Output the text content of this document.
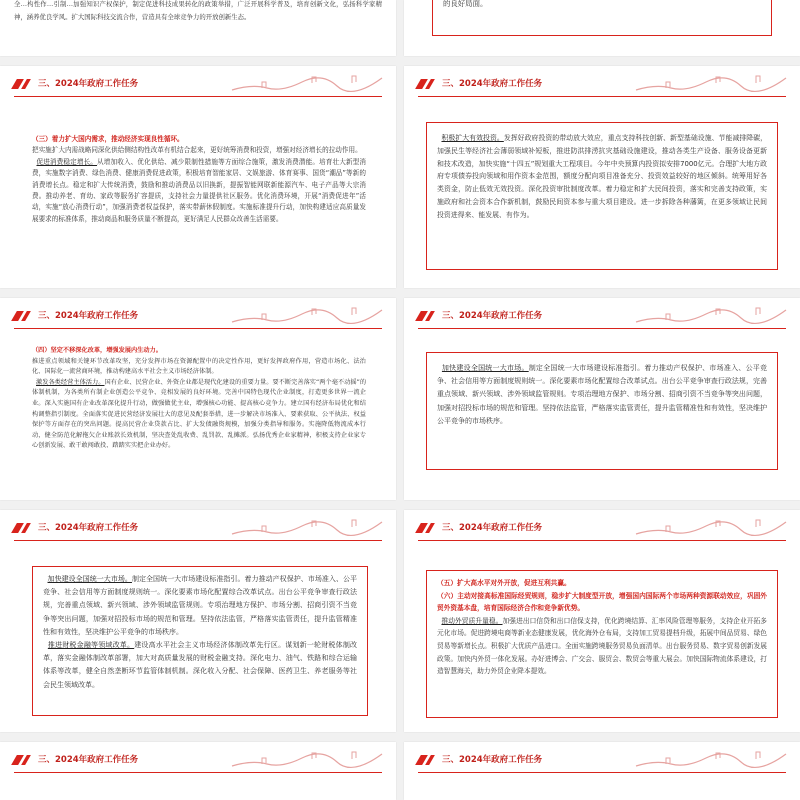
全…构性作…引制…加强知识产权保护，制定促进科技成果转化的政策举措，广泛开展科学普及，培育创新文化，弘扬科学家精神，涵养优良学风。扩大国际科技交流合作，营造具有全球竞争力的开放创新生态。
的良好局面。
三、2024年政府工作任务

（三）着力扩大国内需求，推动经济实现良性循环。

把实施扩大内需战略同深化供给侧结构性改革有机结合起来，更好统筹消费和投资，增强对经济增长的拉动作用。

促进消费稳定增长。从增加收入、优化供给、减少限制性措施等方面综合施策，激发消费潜能。培育壮大新型消费，实施数字消费、绿色消费、健康消费促进政策，积极培育智能家居、文娱旅游、体育赛事、国货“潮品”等新的消费增长点。稳定和扩大传统消费，鼓励和推动消费品以旧换新，提振智能网联新能源汽车、电子产品等大宗消费。推动养老、育幼、家政等服务扩容提质，支持社会力量提供社区服务。优化消费环境，开展“消费促进年”活动，实施“放心消费行动”，加强消费者权益保护，落实带薪休假制度。实施标准提升行动，加快构建适应高质量发展要求的标准体系，推动商品和服务质量不断提高，更好满足人民群众改善生活需要。

三、2024年政府工作任务

积极扩大有效投资。发挥好政府投资的带动放大效应，重点支持科技创新、新型基础设施、节能减排降碳，加强民生等经济社会薄弱领域补短板，推进防洪排涝抗灾基础设施建设，推动各类生产设备、服务设备更新和技术改造，加快实施“十四五”规划重大工程项目。今年中央预算内投资拟安排7000亿元。合理扩大地方政府专项债券投向领域和用作资本金范围，额度分配向项目准备充分、投资效益较好的地区倾斜。统筹用好各类资金，防止低效无效投资。深化投资审批制度改革。着力稳定和扩大民间投资，落实和完善支持政策，实施政府和社会资本合作新机制，鼓励民间资本参与重大项目建设。进一步拆除各种藩篱，在更多领域让民间投资进得来、能发展、有作为。

三、2024年政府工作任务

（四）坚定不移深化改革，增强发展内生动力。

推进重点领域和关键环节改革攻坚，充分发挥市场在资源配置中的决定性作用，更好发挥政府作用，营造市场化、法治化、国际化一流营商环境，推动构建高水平社会主义市场经济体制。

激发各类经营主体活力。国有企业、民营企业、外资企业都是现代化建设的重要力量。要不断完善落实“两个毫不动摇”的体制机制，为各类所有制企业创造公平竞争、竞相发展的良好环境。完善中国特色现代企业制度，打造更多世界一流企业。深入实施国有企业改革深化提升行动，做强做优主业，增强核心功能、提高核心竞争力。建立国有经济布局优化和结构调整指引制度。全面落实促进民营经济发展壮大的意见及配套举措，进一步解决市场准入、要素获取、公平执法、权益保护等方面存在的突出问题。提高民营企业贷款占比、扩大发债融资规模，加强分类指导和服务。实施降低物流成本行动，健全防范化解拖欠企业账款长效机制，坚决查处乱收费、乱罚款、乱摊派。弘扬优秀企业家精神，积极支持企业家专心创新发展、敢干敢闯敢投、踏踏实实把企业办好。

三、2024年政府工作任务

加快建设全国统一大市场。制定全国统一大市场建设标准指引。着力推动产权保护、市场准入、公平竞争、社会信用等方面制度规则统一。深化要素市场化配置综合改革试点。出台公平竞争审查行政法规，完善重点领域、新兴领域、涉外领域监管规则。专项治理地方保护、市场分割、招商引资不当竞争等突出问题，加强对招投标市场的规范和管理。坚持依法监管，严格落实监管责任，提升监管精准性和有效性，坚决维护公平竞争的市场秩序。

三、2024年政府工作任务

加快建设全国统一大市场。制定全国统一大市场建设标准指引。着力推动产权保护、市场准入、公平竞争、社会信用等方面制度规则统一。深化要素市场化配置综合改革试点。出台公平竞争审查行政法规，完善重点领域、新兴领域、涉外领域监管规则。专项治理地方保护、市场分割、招商引资不当竞争等突出问题，加强对招投标市场的规范和管理。坚持依法监管，严格落实监管责任，提升监管精准性和有效性，坚决维护公平竞争的市场秩序。

推进财税金融等领域改革。建设高水平社会主义市场经济体制改革先行区。谋划新一轮财税体制改革，落实金融体制改革部署，加大对高质量发展的财税金融支持。深化电力、油气、铁路和综合运输体系等改革，健全自然垄断环节监管体制机制。深化收入分配、社会保障、医药卫生、养老服务等社会民生领域改革。

三、2024年政府工作任务

（五）扩大高水平对外开放，促进互利共赢。

（六）主动对接高标准国际经贸规则，稳步扩大制度型开放，增强国内国际两个市场两种资源联动效应，巩固外贸外资基本盘，培育国际经济合作和竞争新优势。

推动外贸质升量稳。加强进出口信贷和出口信保支持，优化跨境结算、汇率风险管理等服务，支持企业开拓多元化市场。促进跨境电商等新业态健康发展，优化海外仓布局，支持加工贸易提档升级，拓展中间品贸易、绿色贸易等新增长点。积极扩大优质产品进口。全面实施跨境服务贸易负面清单。出台服务贸易、数字贸易创新发展政策。加快内外贸一体化发展。办好进博会、广交会、服贸会、数贸会等重大展会。加快国际物流体系建设，打造智慧海关，助力外贸企业降本提效。

三、2024年政府工作任务	三、2024年政府工作任务
